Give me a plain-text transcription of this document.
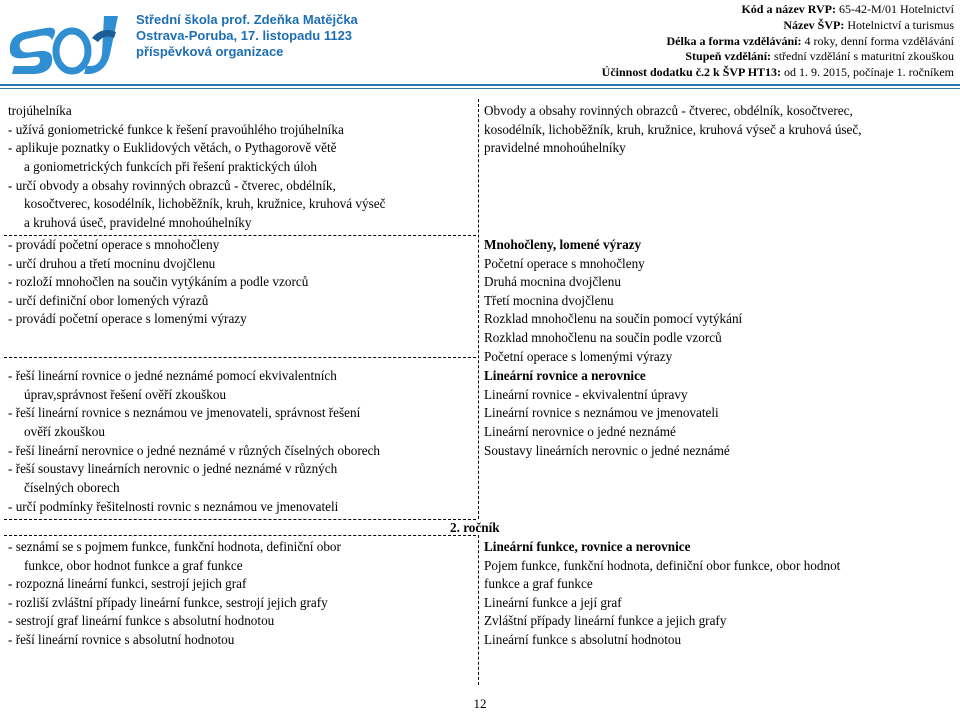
Střední škola prof. Zdeňka Matějčka
Ostrava-Poruba, 17. listopadu 1123
příspěvková organizace
Kód a název RVP: 65-42-M/01 Hotelnictví
Název ŠVP: Hotelnictví a turismus
Délka a forma vzdělávání: 4 roky, denní forma vzdělávání
Stupeň vzdělání: střední vzdělání s maturitní zkouškou
Účinnost dodatku č.2 k ŠVP HT13: od 1. 9. 2015, počínaje 1. ročníkem
trojúhelníka
- užívá goniometrické funkce k řešení pravoúhlého trojúhelníka
- aplikuje poznatky o Euklidových větách, o Pythagorově větě
a goniometrických funkcích při řešení praktických úloh
- určí obvody a obsahy rovinných obrazců - čtverec, obdélník,
kosočtverec, kosodélník, lichoběžník, kruh, kružnice, kruhová výseč
a kruhová úseč, pravidelné mnohoúhelníky
- provádí početní operace s mnohočleny
- určí druhou a třetí mocninu dvojčlenu
- rozloží mnohočlen na součin vytýkáním a podle vzorců
- určí definiční obor lomených výrazů
- provádí početní operace s lomenými výrazy
- řeší lineární rovnice o jedné neznámé pomocí ekvivalentních
úprav,správnost řešení ověří zkouškou
- řeší lineární rovnice s neznámou ve jmenovateli, správnost řešení
ověří zkouškou
- řeší lineární nerovnice o jedné neznámé v různých číselných oborech
- řeší soustavy lineárních nerovnic o jedné neznámé v různých
číselných oborech
- určí podmínky řešitelnosti rovnic s neznámou ve jmenovateli
2. ročník
- seznámí se s pojmem funkce, funkční hodnota, definiční obor
funkce, obor hodnot funkce a graf funkce
- rozpozná lineární funkci, sestrojí jejich graf
- rozliší zvláštní případy lineární funkce, sestrojí jejich grafy
- sestrojí graf lineární funkce s absolutní hodnotou
- řeší lineární rovnice s absolutní hodnotou
Obvody a obsahy rovinných obrazců - čtverec, obdélník, kosočtverec,
kosodélník, lichoběžník, kruh, kružnice, kruhová výseč a kruhová úseč,
pravidelné mnohoúhelníky
Mnohočleny, lomené výrazy
Početní operace s mnohočleny
Druhá mocnina dvojčlenu
Třetí mocnina dvojčlenu
Rozklad mnohočlenu na součin pomocí vytýkání
Rozklad mnohočlenu na součin podle vzorců
Početní operace s lomenými výrazy
Lineární rovnice a nerovnice
Lineární rovnice - ekvivalentní úpravy
Lineární rovnice s neznámou ve jmenovateli
Lineární nerovnice o jedné neznámé
Soustavy lineárních nerovnic o jedné neznámé
Lineární funkce, rovnice a nerovnice
Pojem funkce, funkční hodnota, definiční obor funkce, obor hodnot
funkce a graf funkce
Lineární funkce a její graf
Zvláštní případy lineární funkce a jejich grafy
Lineární funkce s absolutní hodnotou
12
